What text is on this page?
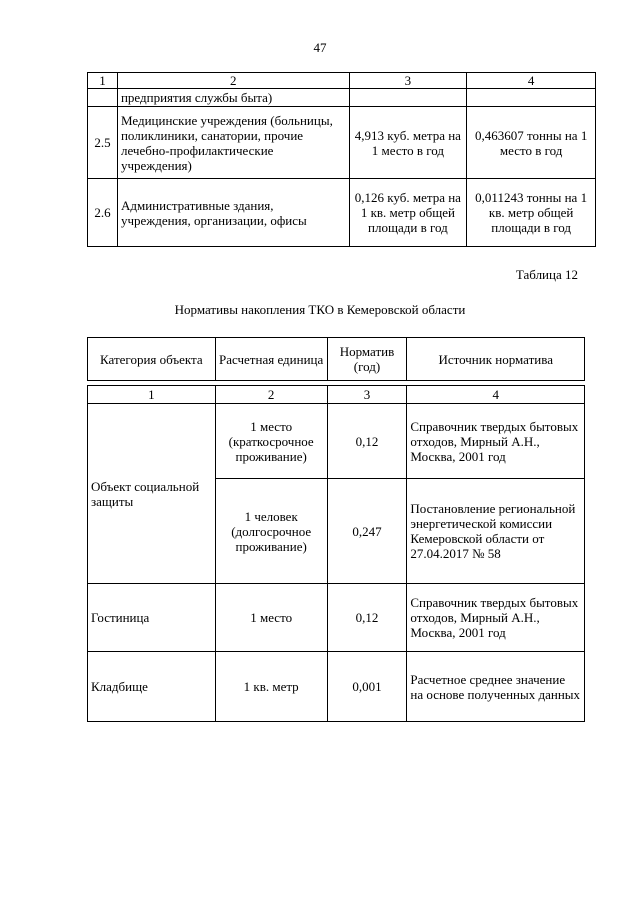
47
1	2	3	4
	предприятия службы быта)		
2.5	Медицинские учреждения (больницы, поликлиники, санатории, прочие лечебно-профилактические учреждения)	4,913 куб. метра на 1 место в год	0,463607 тонны на 1 место в год
2.6	Административные здания, учреждения, организации, офисы	0,126 куб. метра на 1 кв. метр общей площади в год	0,011243 тонны на 1 кв. метр общей площади в год
Таблица 12
Нормативы накопления ТКО в Кемеровской области
Категория объекта	Расчетная единица	Норматив (год)	Источник норматива
1	2	3	4
Объект социальной защиты	1 место (краткосрочное проживание)	0,12	Справочник твердых бытовых отходов, Мирный А.Н., Москва, 2001 год
	1 человек (долгосрочное проживание)	0,247	Постановление региональной энергетической комиссии Кемеровской области от 27.04.2017 № 58
Гостиница	1 место	0,12	Справочник твердых бытовых отходов, Мирный А.Н., Москва, 2001 год
Кладбище	1 кв. метр	0,001	Расчетное среднее значение на основе полученных данных
